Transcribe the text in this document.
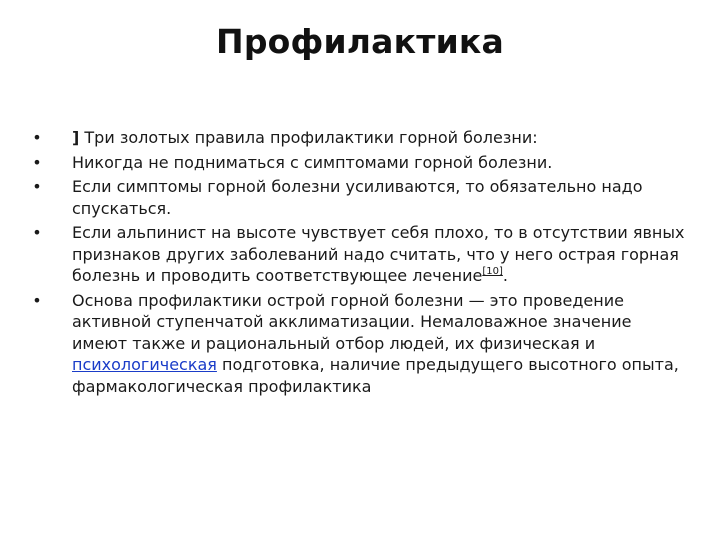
Профилактика
• ] Три золотых правила профилактики горной болезни:
• Никогда не подниматься с симптомами горной болезни.
• Если симптомы горной болезни усиливаются, то обязательно надо спускаться.
• Если альпинист на высоте чувствует себя плохо, то в отсутствии явных признаков других заболеваний надо считать, что у него острая горная болезнь и проводить соответствующее лечение[10].
• Основа профилактики острой горной болезни — это проведение активной ступенчатой акклиматизации. Немаловажное значение имеют также и рациональный отбор людей, их физическая и психологическая подготовка, наличие предыдущего высотного опыта, фармакологическая профилактика
